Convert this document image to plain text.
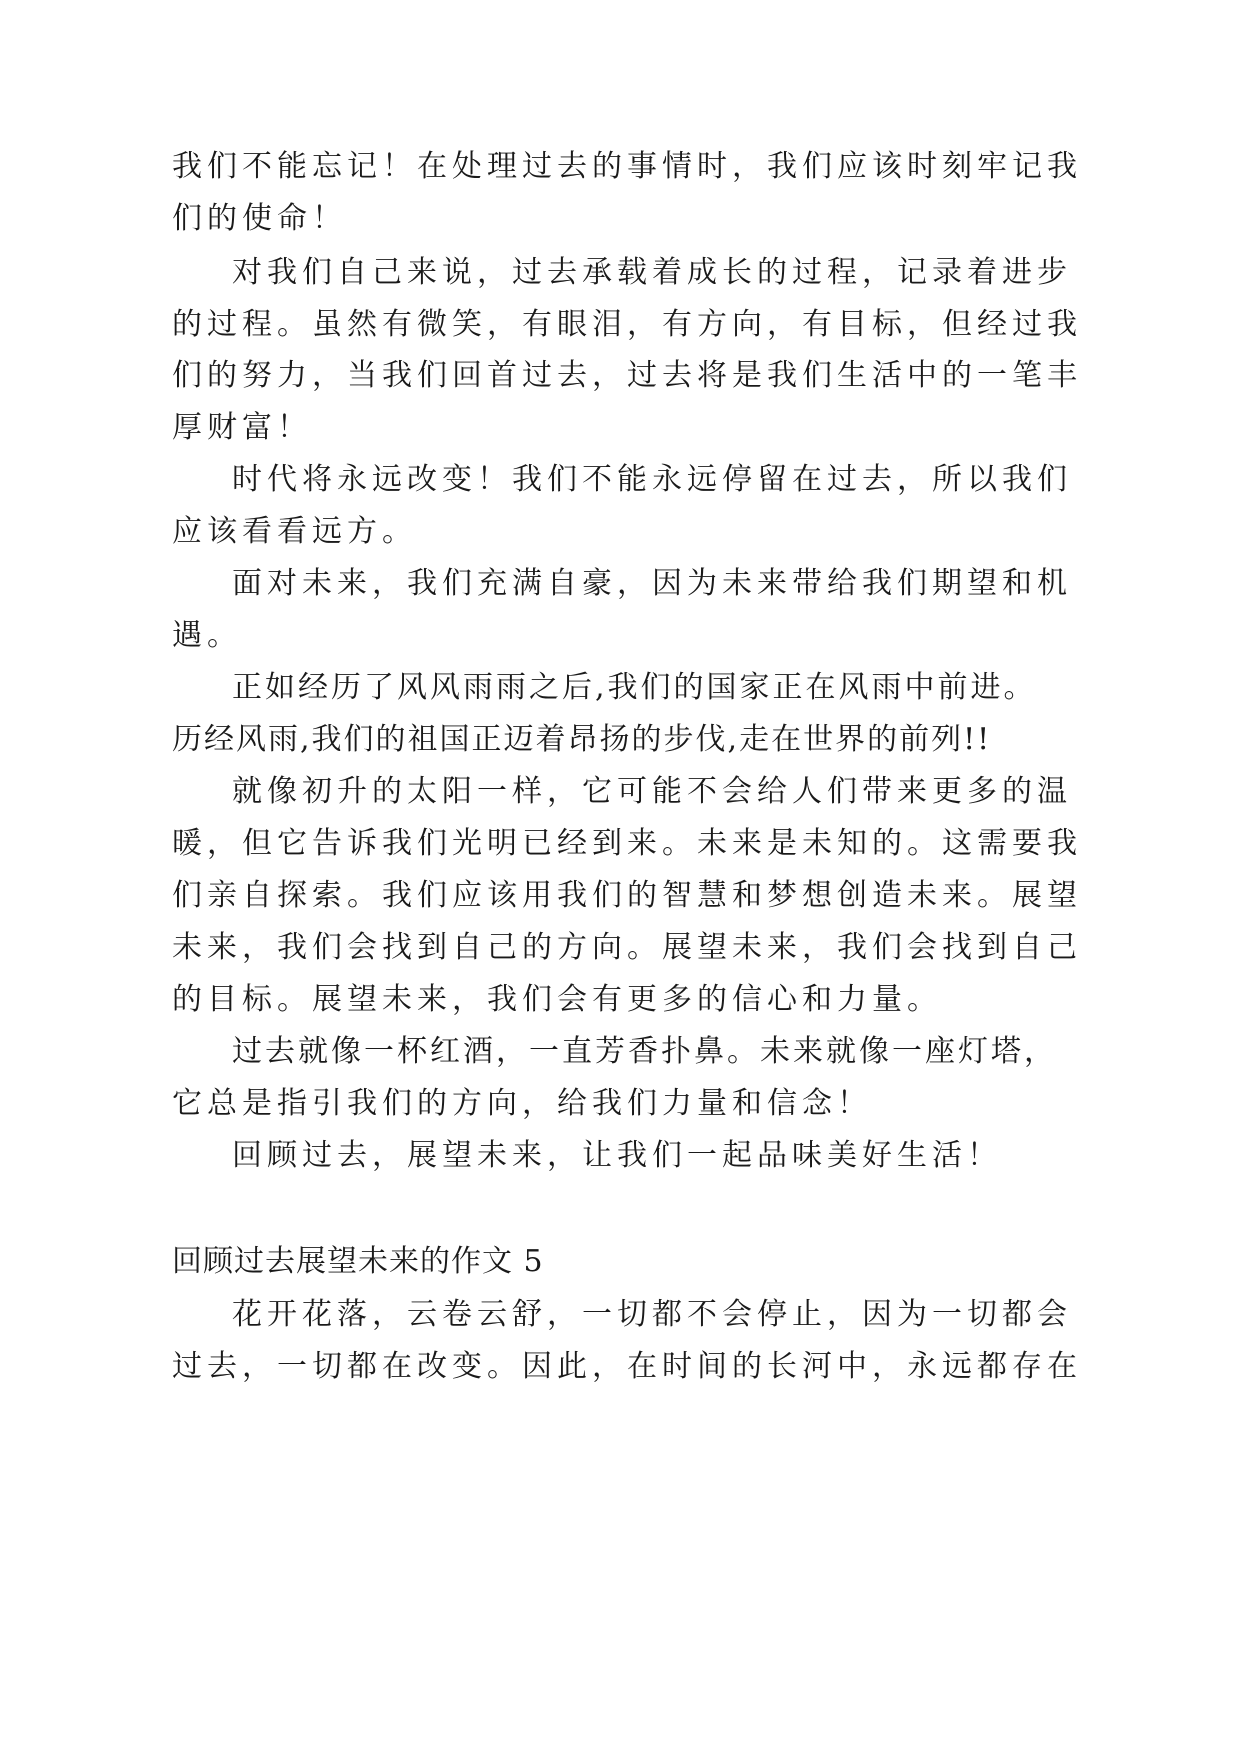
我们不能忘记！在处理过去的事情时，我们应该时刻牢记我
们的使命！
对我们自己来说，过去承载着成长的过程，记录着进步
的过程。虽然有微笑，有眼泪，有方向，有目标，但经过我
们的努力，当我们回首过去，过去将是我们生活中的一笔丰
厚财富！
时代将永远改变！我们不能永远停留在过去，所以我们
应该看看远方。
面对未来，我们充满自豪，因为未来带给我们期望和机
遇。
正如经历了风风雨雨之后,我们的国家正在风雨中前进。
历经风雨,我们的祖国正迈着昂扬的步伐,走在世界的前列!!
就像初升的太阳一样，它可能不会给人们带来更多的温
暖，但它告诉我们光明已经到来。未来是未知的。这需要我
们亲自探索。我们应该用我们的智慧和梦想创造未来。展望
未来，我们会找到自己的方向。展望未来，我们会找到自己
的目标。展望未来，我们会有更多的信心和力量。
过去就像一杯红酒，一直芳香扑鼻。未来就像一座灯塔，
它总是指引我们的方向，给我们力量和信念！
回顾过去，展望未来，让我们一起品味美好生活！
回顾过去展望未来的作文 5
花开花落，云卷云舒，一切都不会停止，因为一切都会
过去，一切都在改变。因此，在时间的长河中，永远都存在
